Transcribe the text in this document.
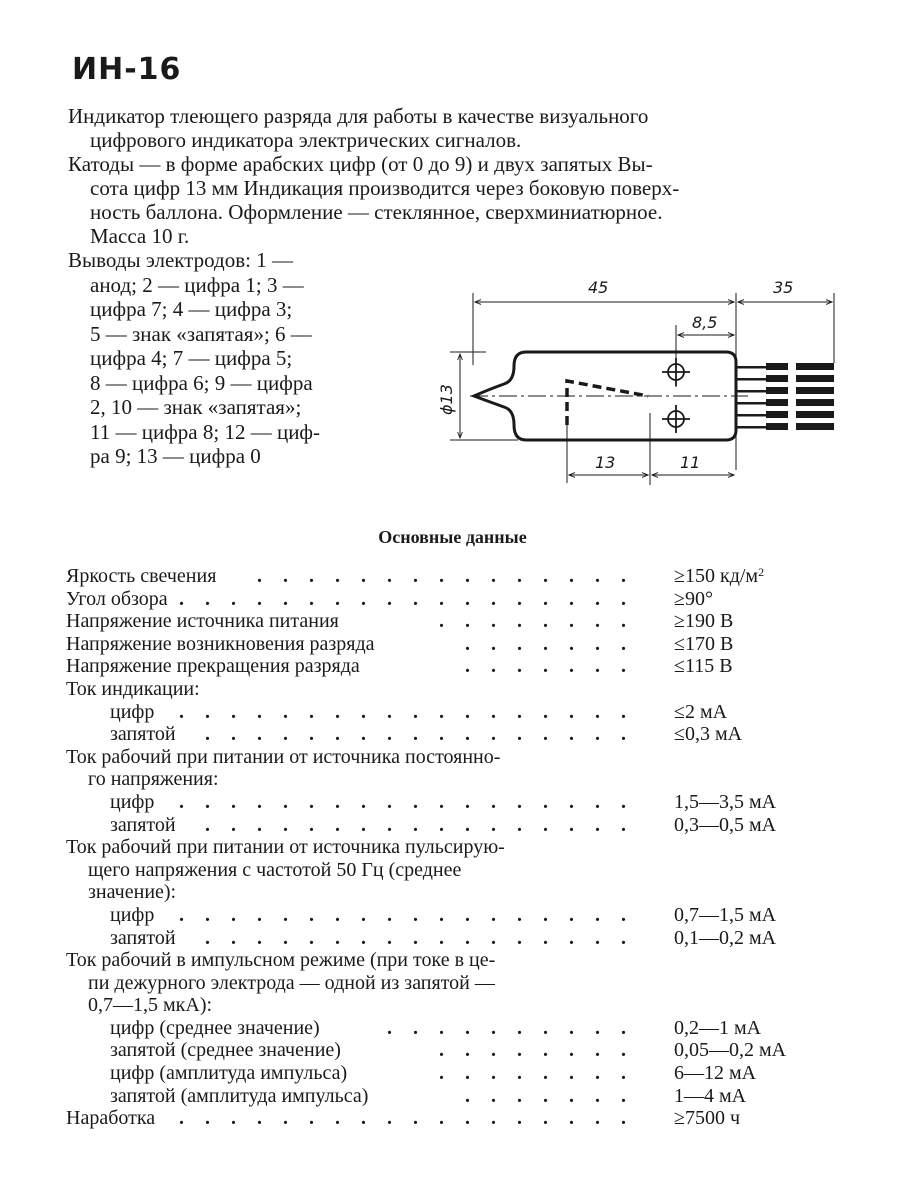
ИН-16
Индикатор тлеющего разряда для работы в качестве визуального
цифрового индикатора электрических сигналов.
Катоды — в форме арабских цифр (от 0 до 9) и двух запятых Вы-
сота цифр 13 мм Индикация производится через боковую поверх-
ность баллона. Оформление — стеклянное, сверхминиатюрное.
Масса 10 г.
Выводы электродов: 1 —
анод; 2 — цифра 1; 3 —
цифра 7; 4 — цифра 3;
5 — знак «запятая»; 6 —
цифра 4; 7 — цифра 5;
8 — цифра 6; 9 — цифра
2, 10 — знак «запятая»;
11 — цифра 8; 12 — циф-
ра 9; 13 — цифра 0
45	35
8,5
ϕ13
13	11
Основные данные
Яркость свечения	. . . . . . . . . . . . . . . ≥150 $кд/м^2$
Угол обзора . . . . . . . . . . . . . . . . . . ≥90°
Напряжение источника питания	. . . . . . . . ≥190 В
Напряжение возникновения разряда	. . . . . . . ≤170 В
Напряжение прекращения разряда	. . . . . . . ≤115 В
Ток индикации:
цифр	. . . . . . . . . . . . . . . . . . ≤2 мА
запятой	. . . . . . . . . . . . . . . . . ≤0,3 мА
Ток рабочий при питании от источника постоянно-
го напряжения:
цифр	. . . . . . . . . . . . . . . . . . 1,5—3,5 мА
запятой	. . . . . . . . . . . . . . . . . 0,3—0,5 мА
Ток рабочий при питании от источника пульсирую-
щего напряжения с частотой 50 Гц (среднее
значение):
цифр	. . . . . . . . . . . . . . . . . . 0,7—1,5 мА
запятой	. . . . . . . . . . . . . . . . . 0,1—0,2 мА
Ток рабочий в импульсном режиме (при токе в це-
пи дежурного электрода — одной из запятой —
0,7—1,5 мкА):
цифр (среднее значение)	. . . . . . . . . . 0,2—1 мА
запятой (среднее значение)	. . . . . . . . 0,05—0,2 мА
цифр (амплитуда импульса)	. . . . . . . . 6—12 мА
запятой (амплитуда импульса)	. . . . . . . 1—4 мА
Наработка	. . . . . . . . . . . . . . . . . . ≥7500 ч
